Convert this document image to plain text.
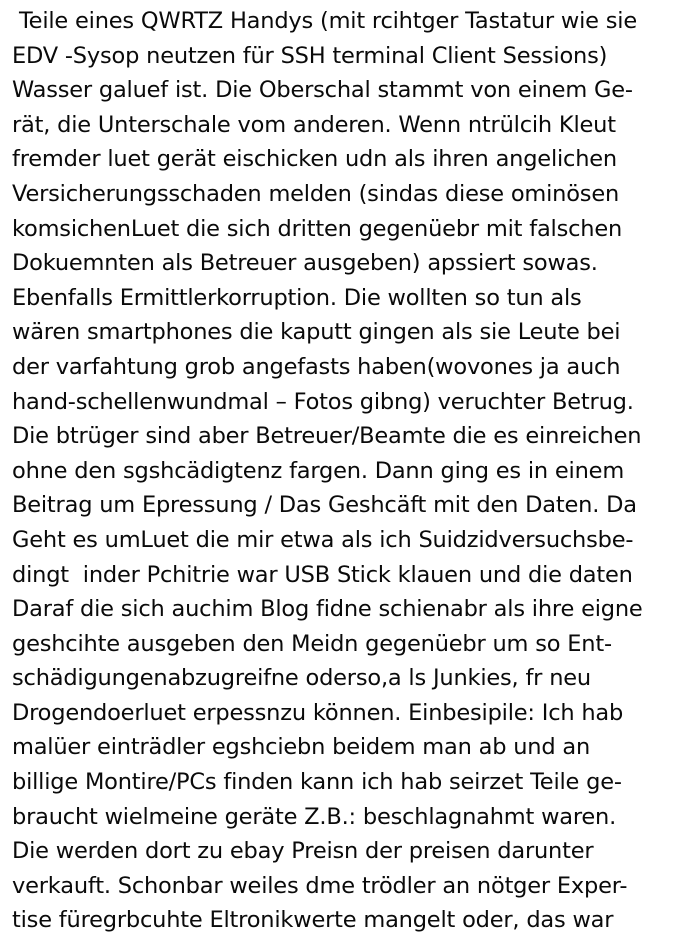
Teile eines QWRTZ Handys (mit rcihtger Tastatur wie sie
EDV -Sysop neutzen für SSH terminal Client Sessions)
Wasser galuef ist. Die Oberschal stammt von einem Ge-
rät, die Unterschale vom anderen. Wenn ntrülcih Kleut
fremder luet gerät eischicken udn als ihren angelichen
Versicherungsschaden melden (sindas diese ominösen
komsichenLuet die sich dritten gegenüebr mit falschen
Dokuemnten als Betreuer ausgeben) apssiert sowas.
Ebenfalls Ermittlerkorruption. Die wollten so tun als
wären smartphones die kaputt gingen als sie Leute bei
der varfahtung grob angefasts haben(wovones ja auch
hand-schellenwundmal – Fotos gibng) veruchter Betrug.
Die btrüger sind aber Betreuer/Beamte die es einreichen
ohne den sgshcädigtenz fargen. Dann ging es in einem
Beitrag um Epressung / Das Geshcäft mit den Daten. Da
Geht es umLuet die mir etwa als ich Suidzidversuchsbe-
dingt  inder Pchitrie war USB Stick klauen und die daten
Daraf die sich auchim Blog fidne schienabr als ihre eigne
geshcihte ausgeben den Meidn gegenüebr um so Ent-
schädigungenabzugreifne oderso,a ls Junkies, fr neu
Drogendoerluet erpessnzu können. Einbesipile: Ich hab
malüer einträdler egshciebn beidem man ab und an
billige Montire/PCs finden kann ich hab seirzet Teile ge-
braucht wielmeine geräte Z.B.: beschlagnahmt waren.
Die werden dort zu ebay Preisn der preisen darunter
verkauft. Schonbar weiles dme trödler an nötger Exper-
tise füregrbcuhte Eltronikwerte mangelt oder, das war
